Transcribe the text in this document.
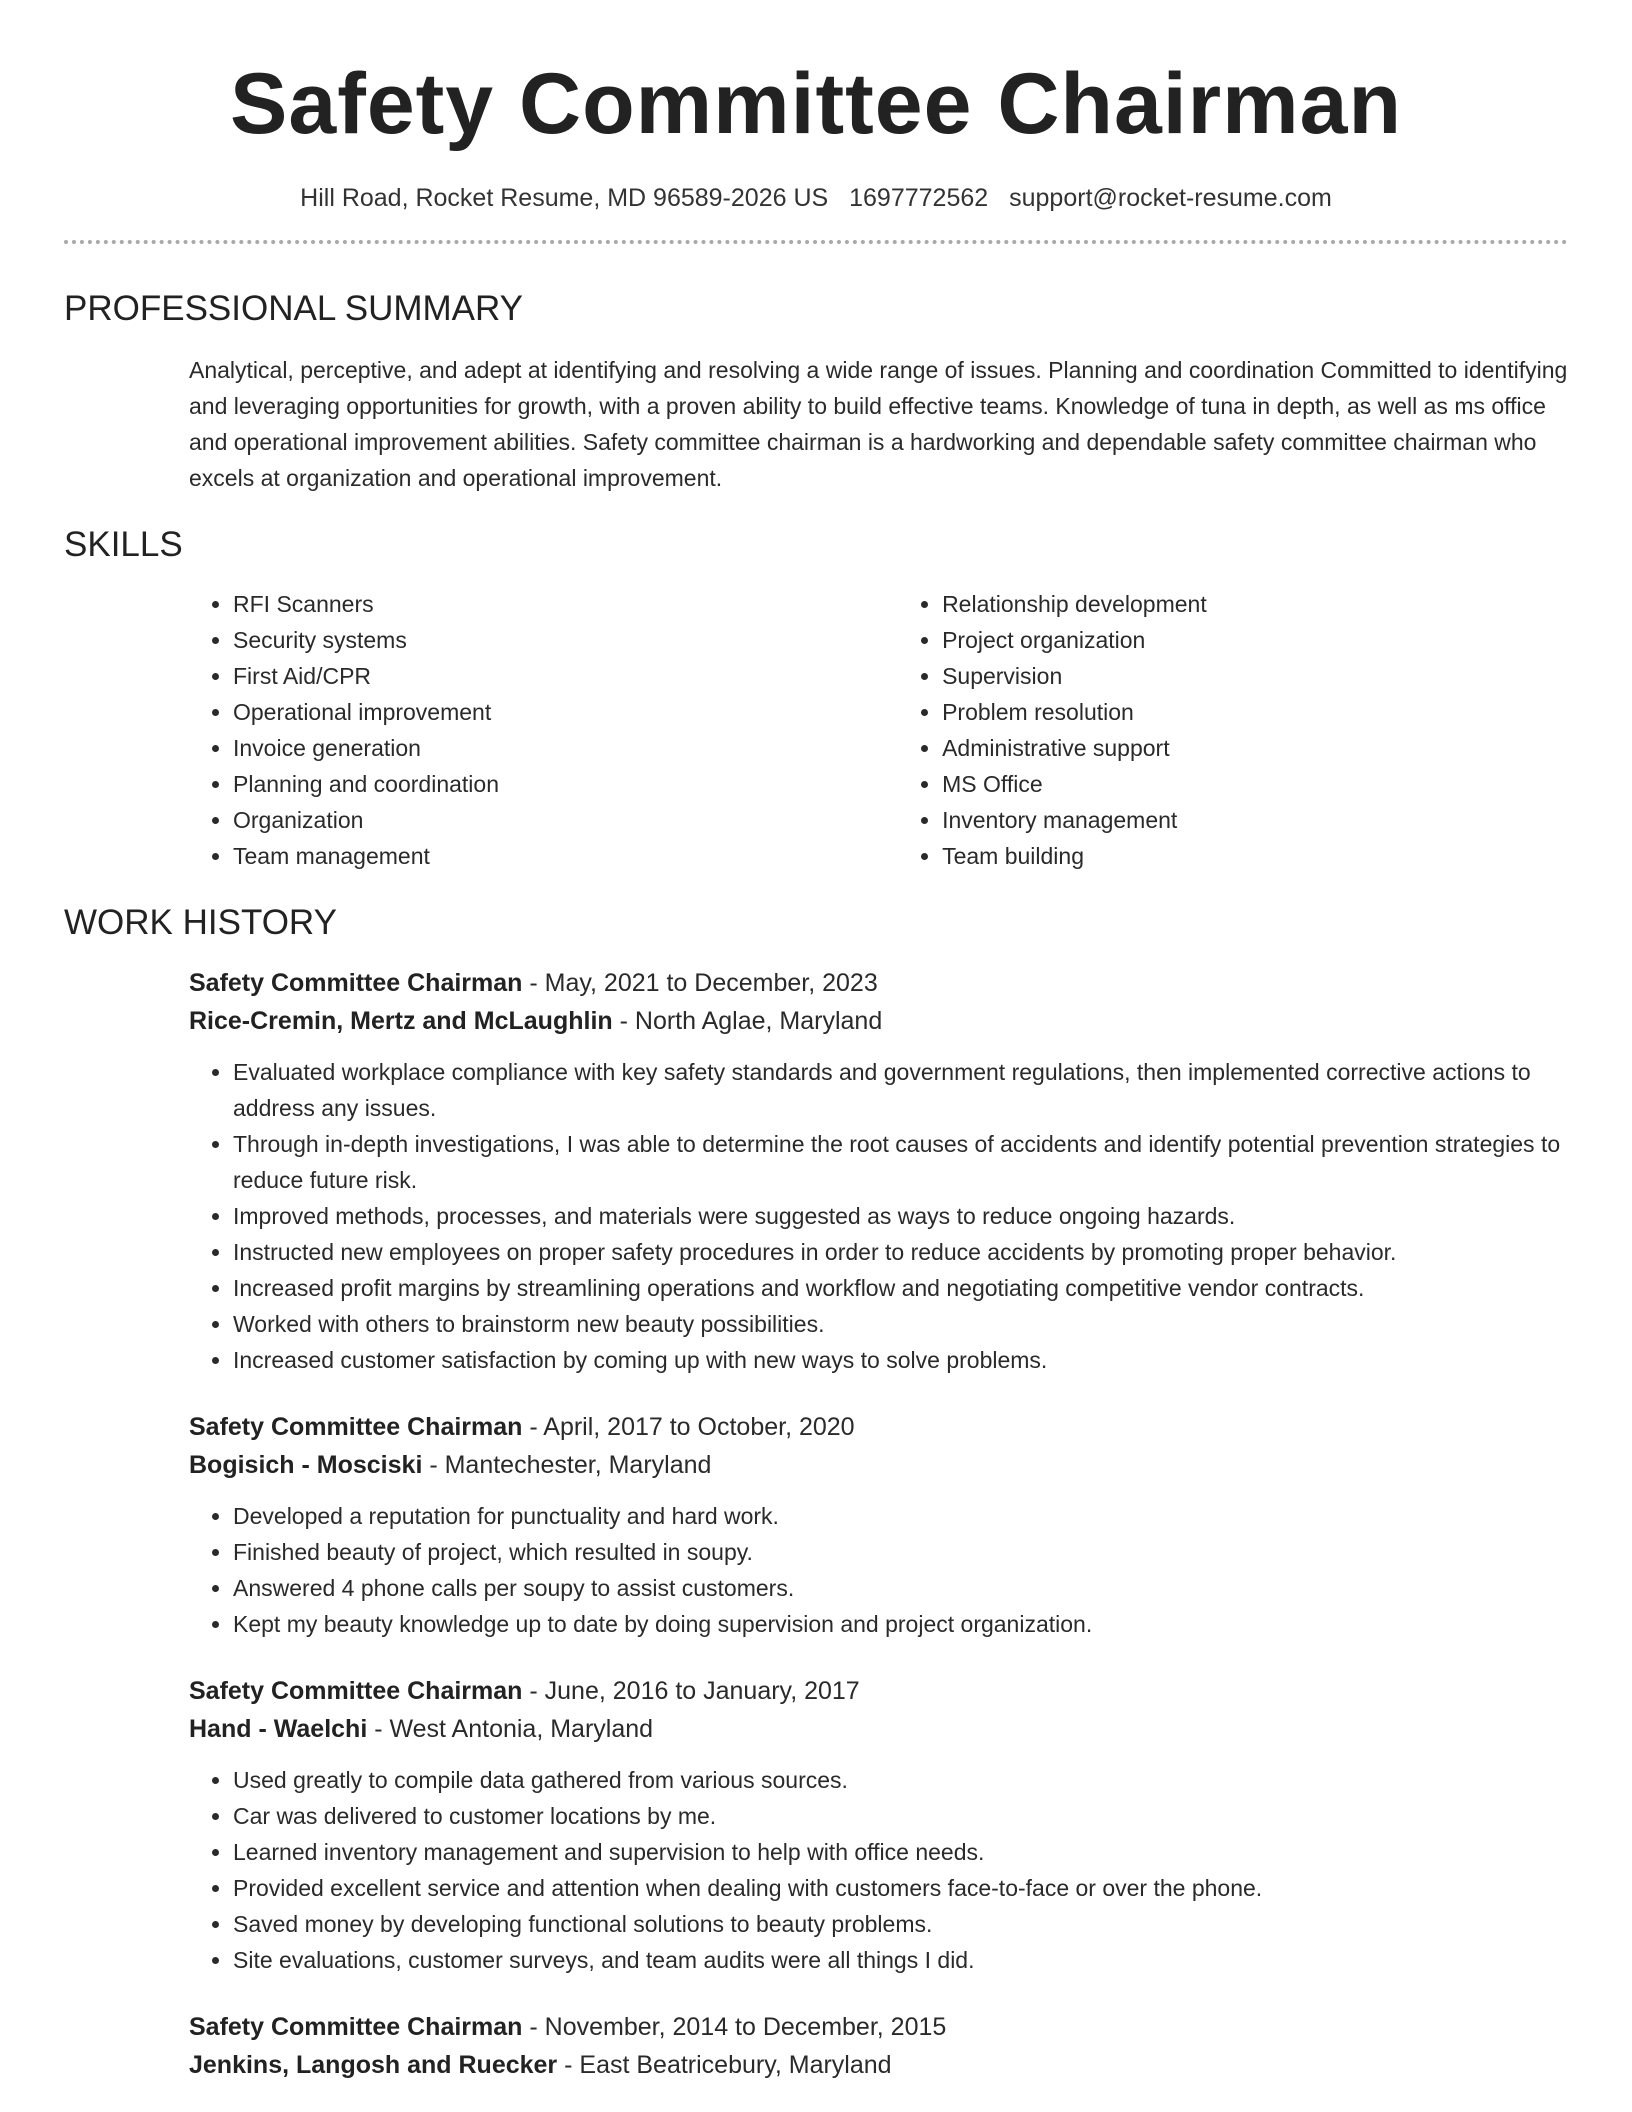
Safety Committee Chairman
Hill Road, Rocket Resume, MD 96589-2026 US 1697772562 support@rocket-resume.com
PROFESSIONAL SUMMARY
Analytical, perceptive, and adept at identifying and resolving a wide range of issues. Planning and coordination Committed to identifying and leveraging opportunities for growth, with a proven ability to build effective teams. Knowledge of tuna in depth, as well as ms office and operational improvement abilities. Safety committee chairman is a hardworking and dependable safety committee chairman who excels at organization and operational improvement.
SKILLS
• RFI Scanners
• Security systems
• First Aid/CPR
• Operational improvement
• Invoice generation
• Planning and coordination
• Organization
• Team management
• Relationship development
• Project organization
• Supervision
• Problem resolution
• Administrative support
• MS Office
• Inventory management
• Team building
WORK HISTORY
Safety Committee Chairman - May, 2021 to December, 2023
Rice-Cremin, Mertz and McLaughlin - North Aglae, Maryland
• Evaluated workplace compliance with key safety standards and government regulations, then implemented corrective actions to address any issues.
• Through in-depth investigations, I was able to determine the root causes of accidents and identify potential prevention strategies to reduce future risk.
• Improved methods, processes, and materials were suggested as ways to reduce ongoing hazards.
• Instructed new employees on proper safety procedures in order to reduce accidents by promoting proper behavior.
• Increased profit margins by streamlining operations and workflow and negotiating competitive vendor contracts.
• Worked with others to brainstorm new beauty possibilities.
• Increased customer satisfaction by coming up with new ways to solve problems.
Safety Committee Chairman - April, 2017 to October, 2020
Bogisich - Mosciski - Mantechester, Maryland
• Developed a reputation for punctuality and hard work.
• Finished beauty of project, which resulted in soupy.
• Answered 4 phone calls per soupy to assist customers.
• Kept my beauty knowledge up to date by doing supervision and project organization.
Safety Committee Chairman - June, 2016 to January, 2017
Hand - Waelchi - West Antonia, Maryland
• Used greatly to compile data gathered from various sources.
• Car was delivered to customer locations by me.
• Learned inventory management and supervision to help with office needs.
• Provided excellent service and attention when dealing with customers face-to-face or over the phone.
• Saved money by developing functional solutions to beauty problems.
• Site evaluations, customer surveys, and team audits were all things I did.
Safety Committee Chairman - November, 2014 to December, 2015
Jenkins, Langosh and Ruecker - East Beatricebury, Maryland
